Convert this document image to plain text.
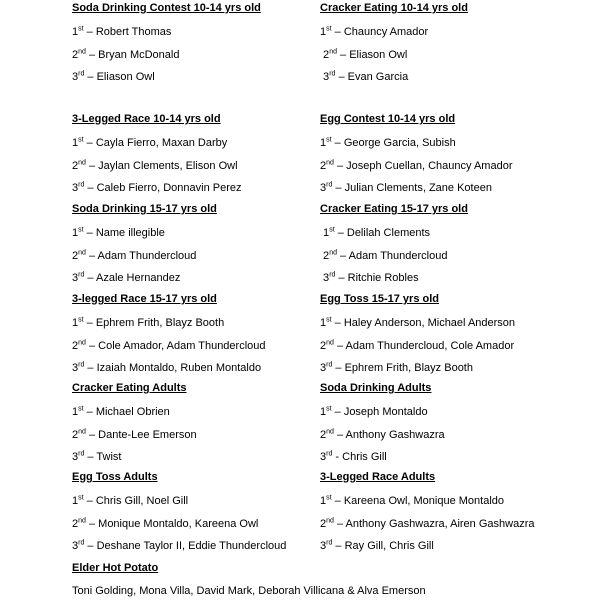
Soda Drinking Contest 10-14 yrs old
1st – Robert Thomas
2nd – Bryan McDonald
3rd – Eliason Owl
Cracker Eating 10-14 yrs old
1st – Chauncy Amador
2nd – Eliason Owl
3rd – Evan Garcia
3-Legged Race 10-14 yrs old
1st – Cayla Fierro, Maxan Darby
2nd – Jaylan Clements, Elison Owl
3rd – Caleb Fierro, Donnavin Perez
Egg Contest 10-14 yrs old
1st – George Garcia, Subish
2nd – Joseph Cuellan, Chauncy Amador
3rd – Julian Clements, Zane Koteen
Soda Drinking 15-17 yrs old
1st – Name illegible
2nd – Adam Thundercloud
3rd – Azale Hernandez
Cracker Eating 15-17 yrs old
1st – Delilah Clements
2nd – Adam Thundercloud
3rd – Ritchie Robles
3-legged Race 15-17 yrs old
1st – Ephrem Frith, Blayz Booth
2nd – Cole Amador, Adam Thundercloud
3rd – Izaiah Montaldo, Ruben Montaldo
Egg Toss 15-17 yrs old
1st – Haley Anderson, Michael Anderson
2nd – Adam Thundercloud, Cole Amador
3rd – Ephrem Frith, Blayz Booth
Cracker Eating Adults
1st – Michael Obrien
2nd – Dante-Lee Emerson
3rd – Twist
Soda Drinking Adults
1st – Joseph Montaldo
2nd – Anthony Gashwazra
3rd - Chris Gill
Egg Toss Adults
1st – Chris Gill, Noel Gill
2nd – Monique Montaldo, Kareena Owl
3rd – Deshane Taylor II, Eddie Thundercloud
3-Legged Race Adults
1st – Kareena Owl, Monique Montaldo
2nd – Anthony Gashwazra, Airen Gashwazra
3rd – Ray Gill, Chris Gill
Elder Hot Potato
Toni Golding, Mona Villa, David Mark, Deborah Villicana & Alva Emerson
